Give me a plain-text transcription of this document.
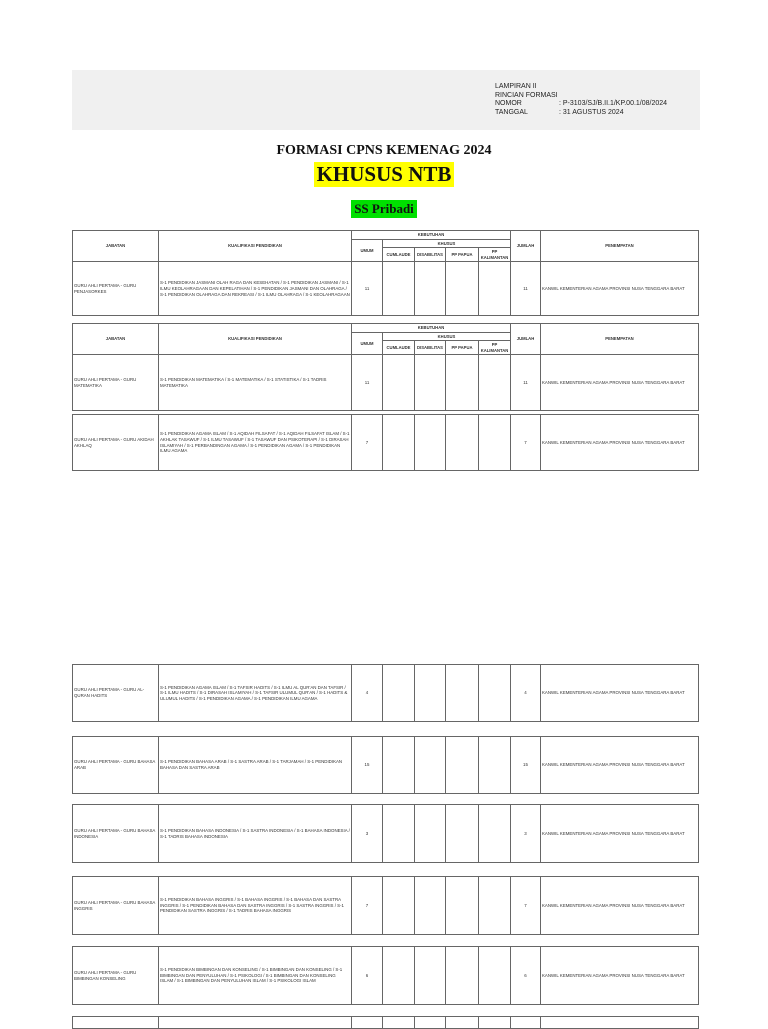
LAMPIRAN II
RINCIAN FORMASI
NOMOR	: P-3103/SJ/B.II.1/KP.00.1/08/2024
TANGGAL	: 31 AGUSTUS 2024
FORMASI CPNS KEMENAG 2024
KHUSUS NTB
SS Pribadi
JABATAN	KUALIFIKASI PENDIDIKAN	KEBUTUHAN					JUMLAH	PENEMPATAN
		UMUM	KHUSUS					
			CUMLAUDE	DISABILITAS	PP PAPUA	PP KALIMANTAN		
GURU AHLI PERTAMA - GURU PENJASORKES	S-1 PENDIDIKAN JASMANI OLAH RAGA DAN KESEHATAN / S-1 PENDIDIKAN JASMANI / S-1 ILMU KEOLAHRAGAAN DAN KEPELATIHAN / S-1 PENDIDIKAN JASMANI DAN OLAHRAGA / S-1 PENDIDIKAN OLAHRAGA DAN REKREASI / S-1 ILMU OLAHRAGA / S-1 KEOLAHRAGAAN	11					11	KANWIL KEMENTERIAN AGAMA PROVINSI NUSA TENGGARA BARAT
JABATAN	KUALIFIKASI PENDIDIKAN	KEBUTUHAN					JUMLAH	PENEMPATAN
		UMUM	KHUSUS					
			CUMLAUDE	DISABILITAS	PP PAPUA	PP KALIMANTAN		
GURU AHLI PERTAMA - GURU MATEMATIKA	S-1 PENDIDIKAN MATEMATIKA / S-1 MATEMATIKA / S-1 STATISTIKA / S-1 TADRIS MATEMATIKA	11					11	KANWIL KEMENTERIAN AGAMA PROVINSI NUSA TENGGARA BARAT
GURU AHLI PERTAMA - GURU AKIDAH AKHLAQ	S-1 PENDIDIKAN AGAMA ISLAM / S-1 AQIDAH FILSAFAT / S-1 AQIDAH FILSAFAT ISLAM / S-1 AKHLAK TASAWUF / S-1 ILMU TASAWUF / S-1 TASAWUF DAN PSIKOTERAPI / S-1 DIRASAH ISLAMIYAH / S-1 PERBANDINGAN AGAMA / S-1 PENDIDIKAN AGAMA / S-1 PENDIDIKAN ILMU AGAMA	7					7	KANWIL KEMENTERIAN AGAMA PROVINSI NUSA TENGGARA BARAT
GURU AHLI PERTAMA - GURU AL-QURAN HADITS	S-1 PENDIDIKAN AGAMA ISLAM / S-1 TAFSIR HADITS / S-1 ILMU AL QUR'AN DAN TAFSIR / S-1 ILMU HADITS / S-1 DIRASAH ISLAMIYAH / S-1 TAFSIR ULUMUL QUR'AN / S-1 HADITS & ULUMUL HADITS / S-1 PENDIDIKAN AGAMA / S-1 PENDIDIKAN ILMU AGAMA	4					4	KANWIL KEMENTERIAN AGAMA PROVINSI NUSA TENGGARA BARAT
GURU AHLI PERTAMA - GURU BAHASA ARAB	S-1 PENDIDIKAN BAHASA ARAB / S-1 SASTRA ARAB / S-1 TARJAMAH / S-1 PENDIDIKAN BAHASA DAN SASTRA ARAB	15					15	KANWIL KEMENTERIAN AGAMA PROVINSI NUSA TENGGARA BARAT
GURU AHLI PERTAMA - GURU BAHASA INDONESIA	S-1 PENDIDIKAN BAHASA INDONESIA / S-1 SASTRA INDONESIA / S-1 BAHASA INDONESIA / S-1 TADRIS BAHASA INDONESIA	3					3	KANWIL KEMENTERIAN AGAMA PROVINSI NUSA TENGGARA BARAT
GURU AHLI PERTAMA - GURU BAHASA INGGRIS	S-1 PENDIDIKAN BAHASA INGGRIS / S-1 BAHASA INGGRIS / S-1 BAHASA DAN SASTRA INGGRIS / S-1 PENDIDIKAN BAHASA DAN SASTRA INGGRIS / S-1 SASTRA INGGRIS / S-1 PENDIDIKAN SASTRA INGGRIS / S-1 TADRIS BAHASA INGGRIS	7					7	KANWIL KEMENTERIAN AGAMA PROVINSI NUSA TENGGARA BARAT
GURU AHLI PERTAMA - GURU BIMBINGAN KONSELING	S-1 PENDIDIKAN BIMBINGAN DAN KONSELING / S-1 BIMBINGAN DAN KONSELING / S-1 BIMBINGAN DAN PENYULUHAN / S-1 PSIKOLOGI / S-1 BIMBINGAN DAN KONSELING ISLAM / S-1 BIMBINGAN DAN PENYULUHAN ISLAM / S-1 PSIKOLOGI ISLAM	6					6	KANWIL KEMENTERIAN AGAMA PROVINSI NUSA TENGGARA BARAT
